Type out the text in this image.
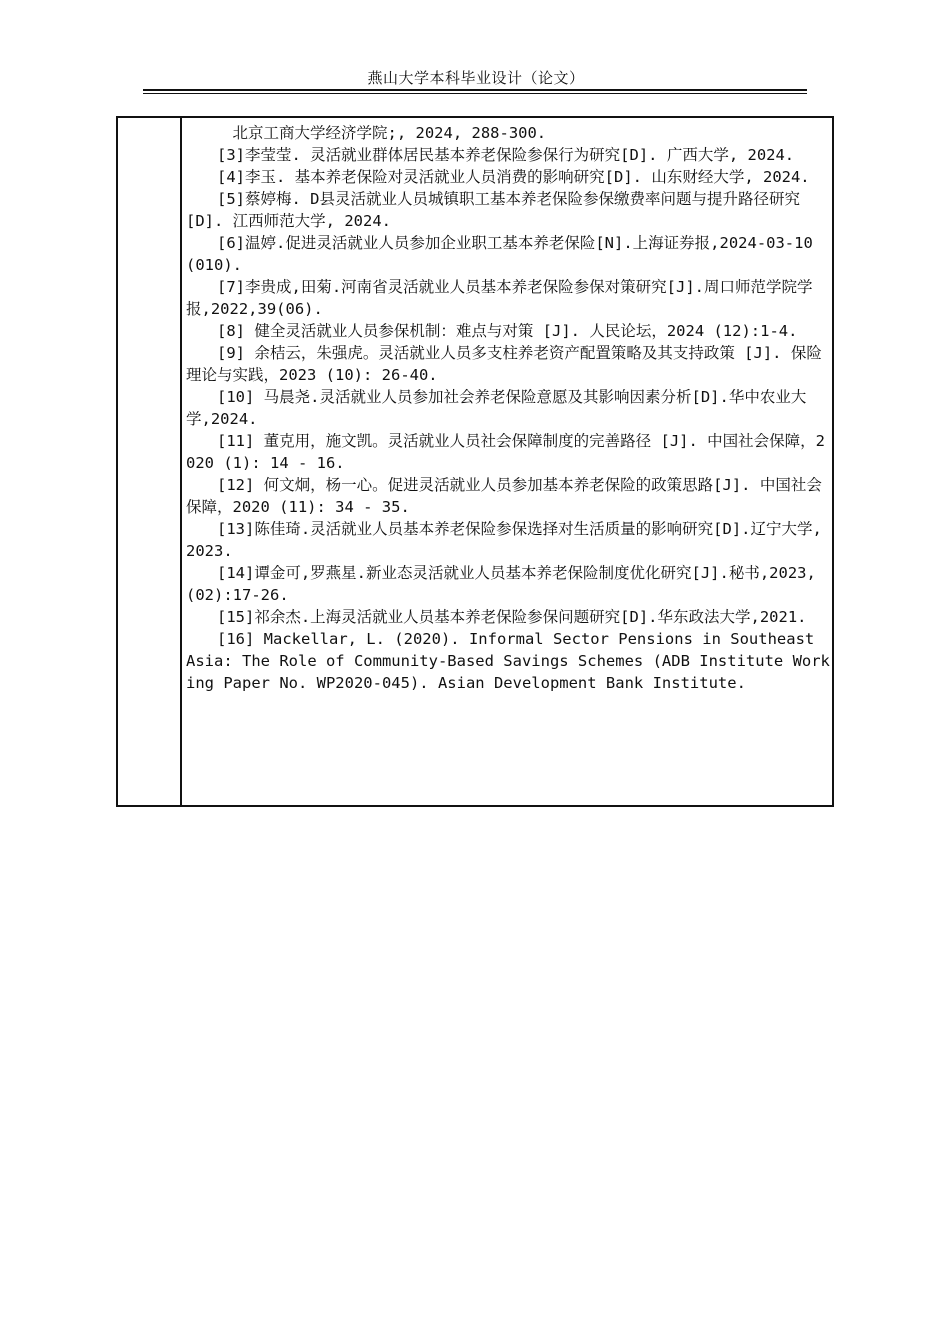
燕山大学本科毕业设计（论文）

北京工商大学经济学院;, 2024, 288-300.

[3]李莹莹. 灵活就业群体居民基本养老保险参保行为研究[D]. 广西大学, 2024.

[4]李玉. 基本养老保险对灵活就业人员消费的影响研究[D]. 山东财经大学, 2024.

[5]蔡婷梅. D县灵活就业人员城镇职工基本养老保险参保缴费率问题与提升路径研究[D]. 江西师范大学, 2024.

[6]温婷.促进灵活就业人员参加企业职工基本养老保险[N].上海证券报,2024-03-10(010).

[7]李贵成,田菊.河南省灵活就业人员基本养老保险参保对策研究[J].周口师范学院学报,2022,39(06).

[8] 健全灵活就业人员参保机制：难点与对策 [J]. 人民论坛，2024 (12):1-4.

[9] 余桔云，朱强虎。灵活就业人员多支柱养老资产配置策略及其支持政策 [J]. 保险理论与实践，2023 (10): 26-40.

[10] 马晨尧.灵活就业人员参加社会养老保险意愿及其影响因素分析[D].华中农业大学,2024.

[11] 董克用，施文凯。灵活就业人员社会保障制度的完善路径 [J]. 中国社会保障，2020 (1): 14 - 16.

[12] 何文炯，杨一心。促进灵活就业人员参加基本养老保险的政策思路[J]. 中国社会保障，2020 (11): 34 - 35.

[13]陈佳琦.灵活就业人员基本养老保险参保选择对生活质量的影响研究[D].辽宁大学,2023.

[14]谭金可,罗燕星.新业态灵活就业人员基本养老保险制度优化研究[J].秘书,2023,(02):17-26.

[15]祁余杰.上海灵活就业人员基本养老保险参保问题研究[D].华东政法大学,2021.

[16] Mackellar, L. (2020). Informal Sector Pensions in Southeast Asia: The Role of Community-Based Savings Schemes (ADB Institute Working Paper No. WP2020-045). Asian Development Bank Institute.
